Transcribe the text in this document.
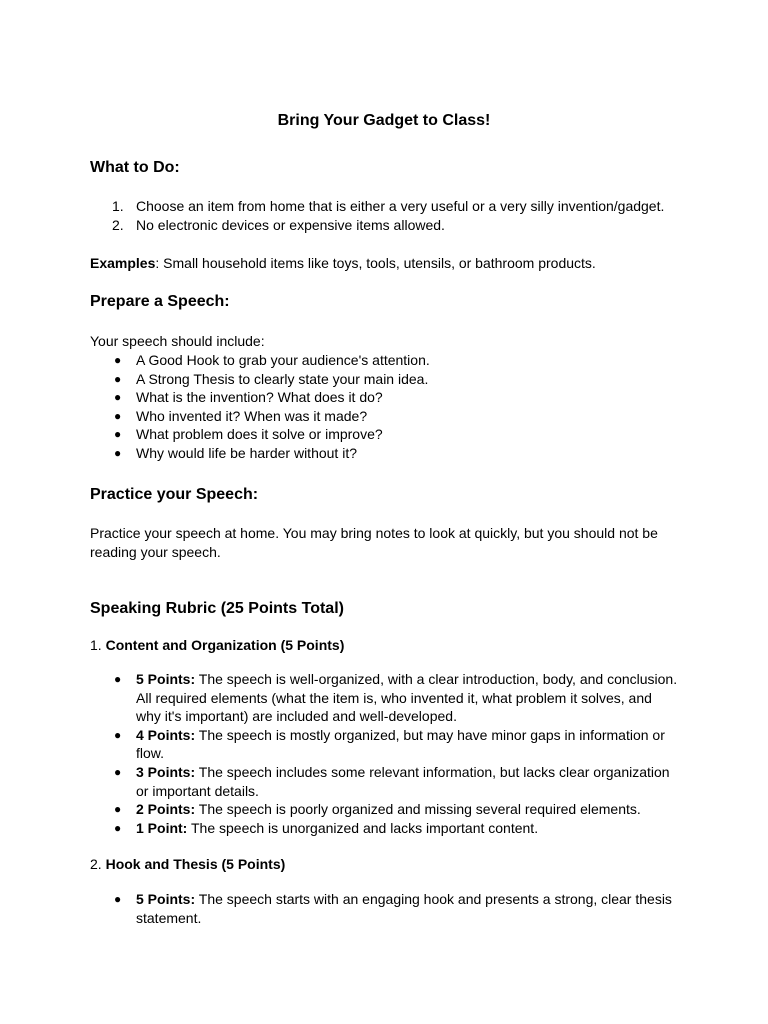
Bring Your Gadget to Class!
What to Do:
1. Choose an item from home that is either a very useful or a very silly invention/gadget.
2. No electronic devices or expensive items allowed.

Examples: Small household items like toys, tools, utensils, or bathroom products.

Prepare a Speech:

Your speech should include:

● A Good Hook to grab your audience's attention.
● A Strong Thesis to clearly state your main idea.
● What is the invention? What does it do?
● Who invented it? When was it made?
● What problem does it solve or improve?
● Why would life be harder without it?
Practice your Speech:

Practice your speech at home. You may bring notes to look at quickly, but you should not be reading your speech.

Speaking Rubric (25 Points Total)

1. Content and Organization (5 Points)

● 5 Points: The speech is well-organized, with a clear introduction, body, and conclusion. All required elements (what the item is, who invented it, what problem it solves, and why it's important) are included and well-developed.
● 4 Points: The speech is mostly organized, but may have minor gaps in information or flow.
● 3 Points: The speech includes some relevant information, but lacks clear organization or important details.
● 2 Points: The speech is poorly organized and missing several required elements.
● 1 Point: The speech is unorganized and lacks important content.

2. Hook and Thesis (5 Points)

● 5 Points: The speech starts with an engaging hook and presents a strong, clear thesis statement.
